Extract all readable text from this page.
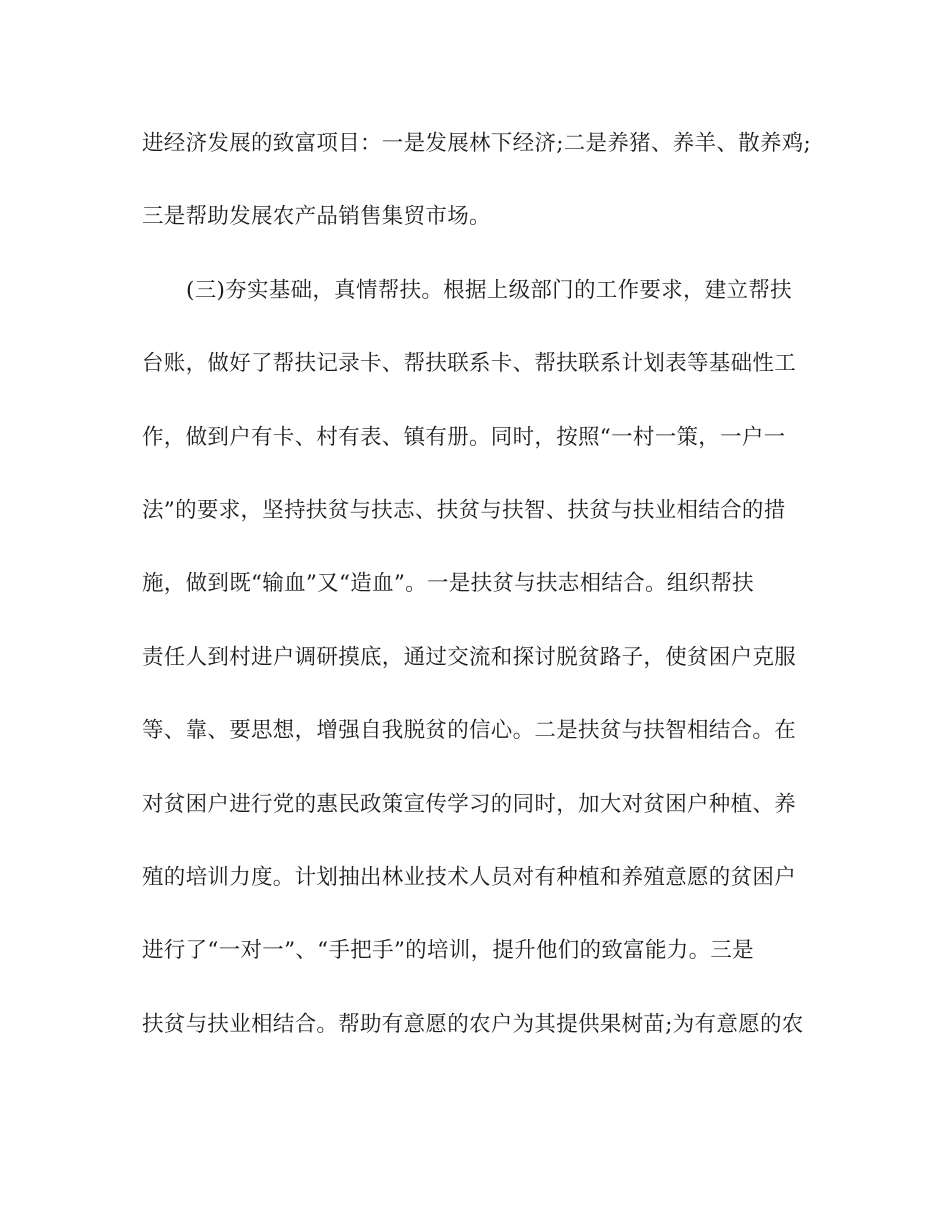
进经济发展的致富项目：一是发展林下经济;二是养猪、养羊、散养鸡;
三是帮助发展农产品销售集贸市场。
(三)夯实基础，真情帮扶。根据上级部门的工作要求，建立帮扶
台账，做好了帮扶记录卡、帮扶联系卡、帮扶联系计划表等基础性工
作，做到户有卡、村有表、镇有册。同时，按照“一村一策，一户一
法”的要求，坚持扶贫与扶志、扶贫与扶智、扶贫与扶业相结合的措
施，做到既“输血”又“造血”。一是扶贫与扶志相结合。组织帮扶
责任人到村进户调研摸底，通过交流和探讨脱贫路子，使贫困户克服
等、靠、要思想，增强自我脱贫的信心。二是扶贫与扶智相结合。在
对贫困户进行党的惠民政策宣传学习的同时，加大对贫困户种植、养
殖的培训力度。计划抽出林业技术人员对有种植和养殖意愿的贫困户
进行了“一对一”、“手把手”的培训，提升他们的致富能力。三是
扶贫与扶业相结合。帮助有意愿的农户为其提供果树苗;为有意愿的农
